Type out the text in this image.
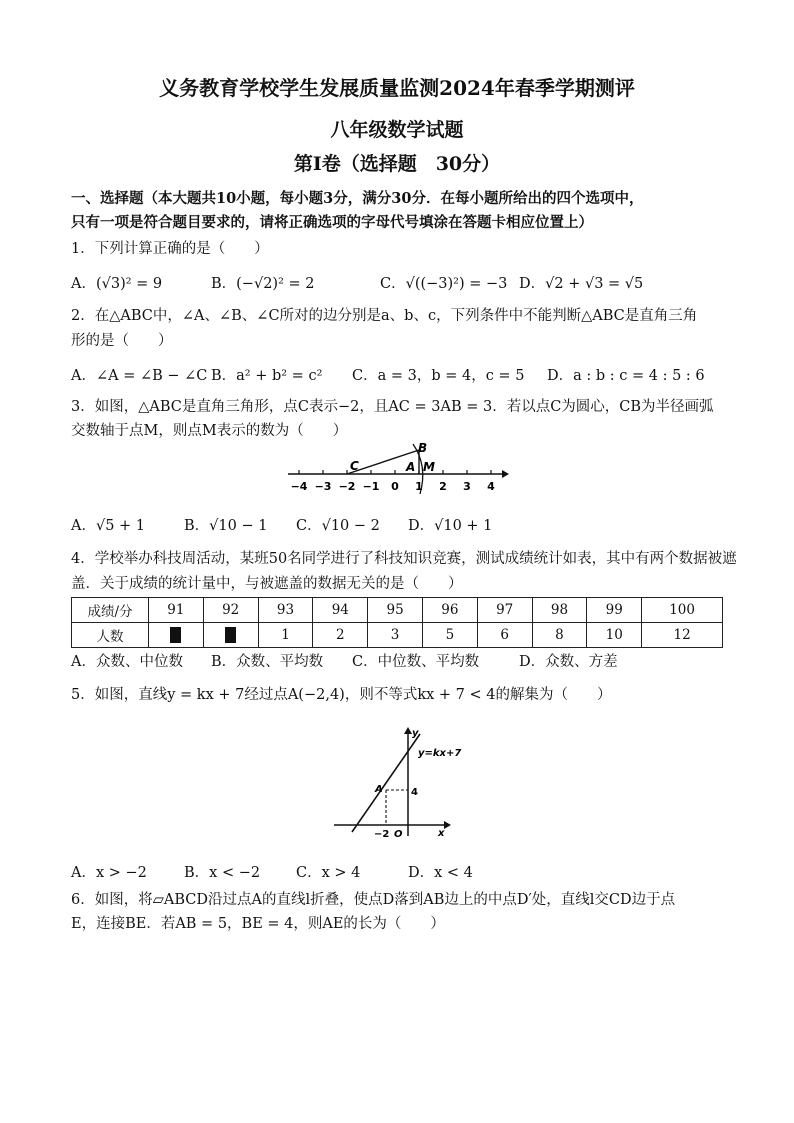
义务教育学校学生发展质量监测2024年春季学期测评
八年级数学试题
第Ⅰ卷（选择题　30分）
一、选择题（本大题共10小题，每小题3分，满分30分．在每小题所给出的四个选项中，
只有一项是符合题目要求的，请将正确选项的字母代号填涂在答题卡相应位置上）
1．下列计算正确的是（　　）
A．(√3)² = 9	B．(−√2)² = 2	C．√((−3)²) = −3 D．√2 + √3 = √5
2．在△ABC中，∠A、∠B、∠C所对的边分别是a、b、c，下列条件中不能判断△ABC是直角三角
形的是（　　）
A．∠A = ∠B − ∠C B．a² + b² = c² C．a = 3，b = 4，c = 5 D．a : b : c = 4 : 5 : 6
3．如图，△ABC是直角三角形，点C表示−2，且AC = 3AB = 3．若以点C为圆心，CB为半径画弧
交数轴于点M，则点M表示的数为（　　）
−4 −3 −2 −1 0 1 2 3 4
C	A
B
M
A．√5 + 1	B．√10 − 1 C．√10 − 2 D．√10 + 1
4．学校举办科技周活动，某班50名同学进行了科技知识竞赛，测试成绩统计如表，其中有两个数据被遮
盖．关于成绩的统计量中，与被遮盖的数据无关的是（　　）
成绩/分	91	92	93	94	95	96	97	98	99	100
人数			1	2	3	5	6	8	10	12
A．众数、中位数 B．众数、平均数 C．中位数、平均数	D．众数、方差
5．如图，直线y = kx + 7经过点A(−2,4)，则不等式kx + 7 < 4的解集为（　　）
y=kx+7
y
x
A	4
−2 O
A．x > −2	B．x < −2 C．x > 4	D．x < 4
6．如图，将▱ABCD沿过点A的直线l折叠，使点D落到AB边上的中点D′处，直线l交CD边于点
E，连接BE．若AB = 5，BE = 4，则AE的长为（　　）
